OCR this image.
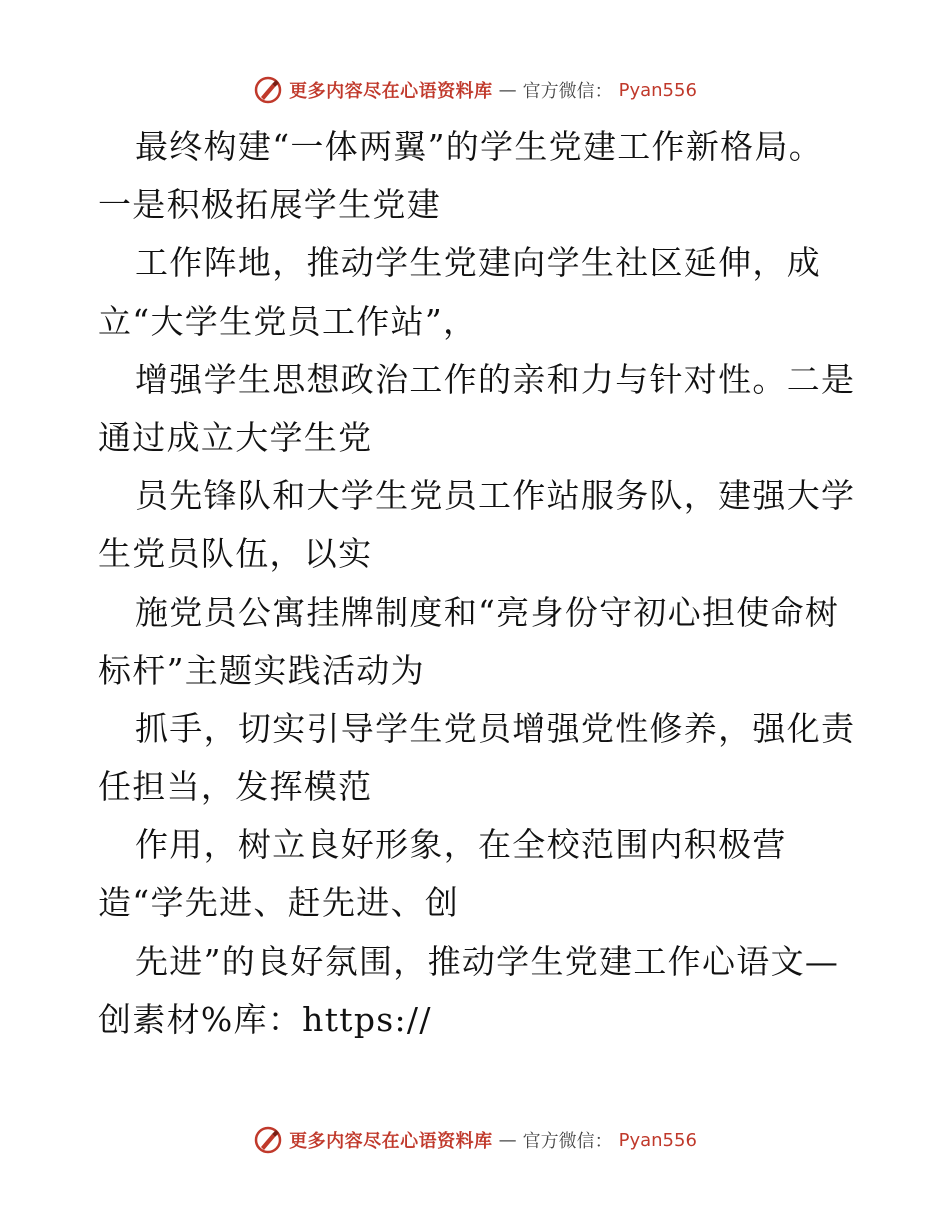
更多内容尽在心语资料库 — 官方微信： Pyan556
最终构建“一体两翼”的学生党建工作新格局。
一是积极拓展学生党建
工作阵地，推动学生党建向学生社区延伸，成
立“大学生党员工作站”，
增强学生思想政治工作的亲和力与针对性。二是
通过成立大学生党
员先锋队和大学生党员工作站服务队，建强大学
生党员队伍，以实
施党员公寓挂牌制度和“亮身份守初心担使命树
标杆”主题实践活动为
抓手，切实引导学生党员增强党性修养，强化责
任担当，发挥模范
作用，树立良好形象，在全校范围内积极营
造“学先进、赶先进、创
先进”的良好氛围，推动学生党建工作心语文—
创素材%库：https://
更多内容尽在心语资料库 — 官方微信： Pyan556
